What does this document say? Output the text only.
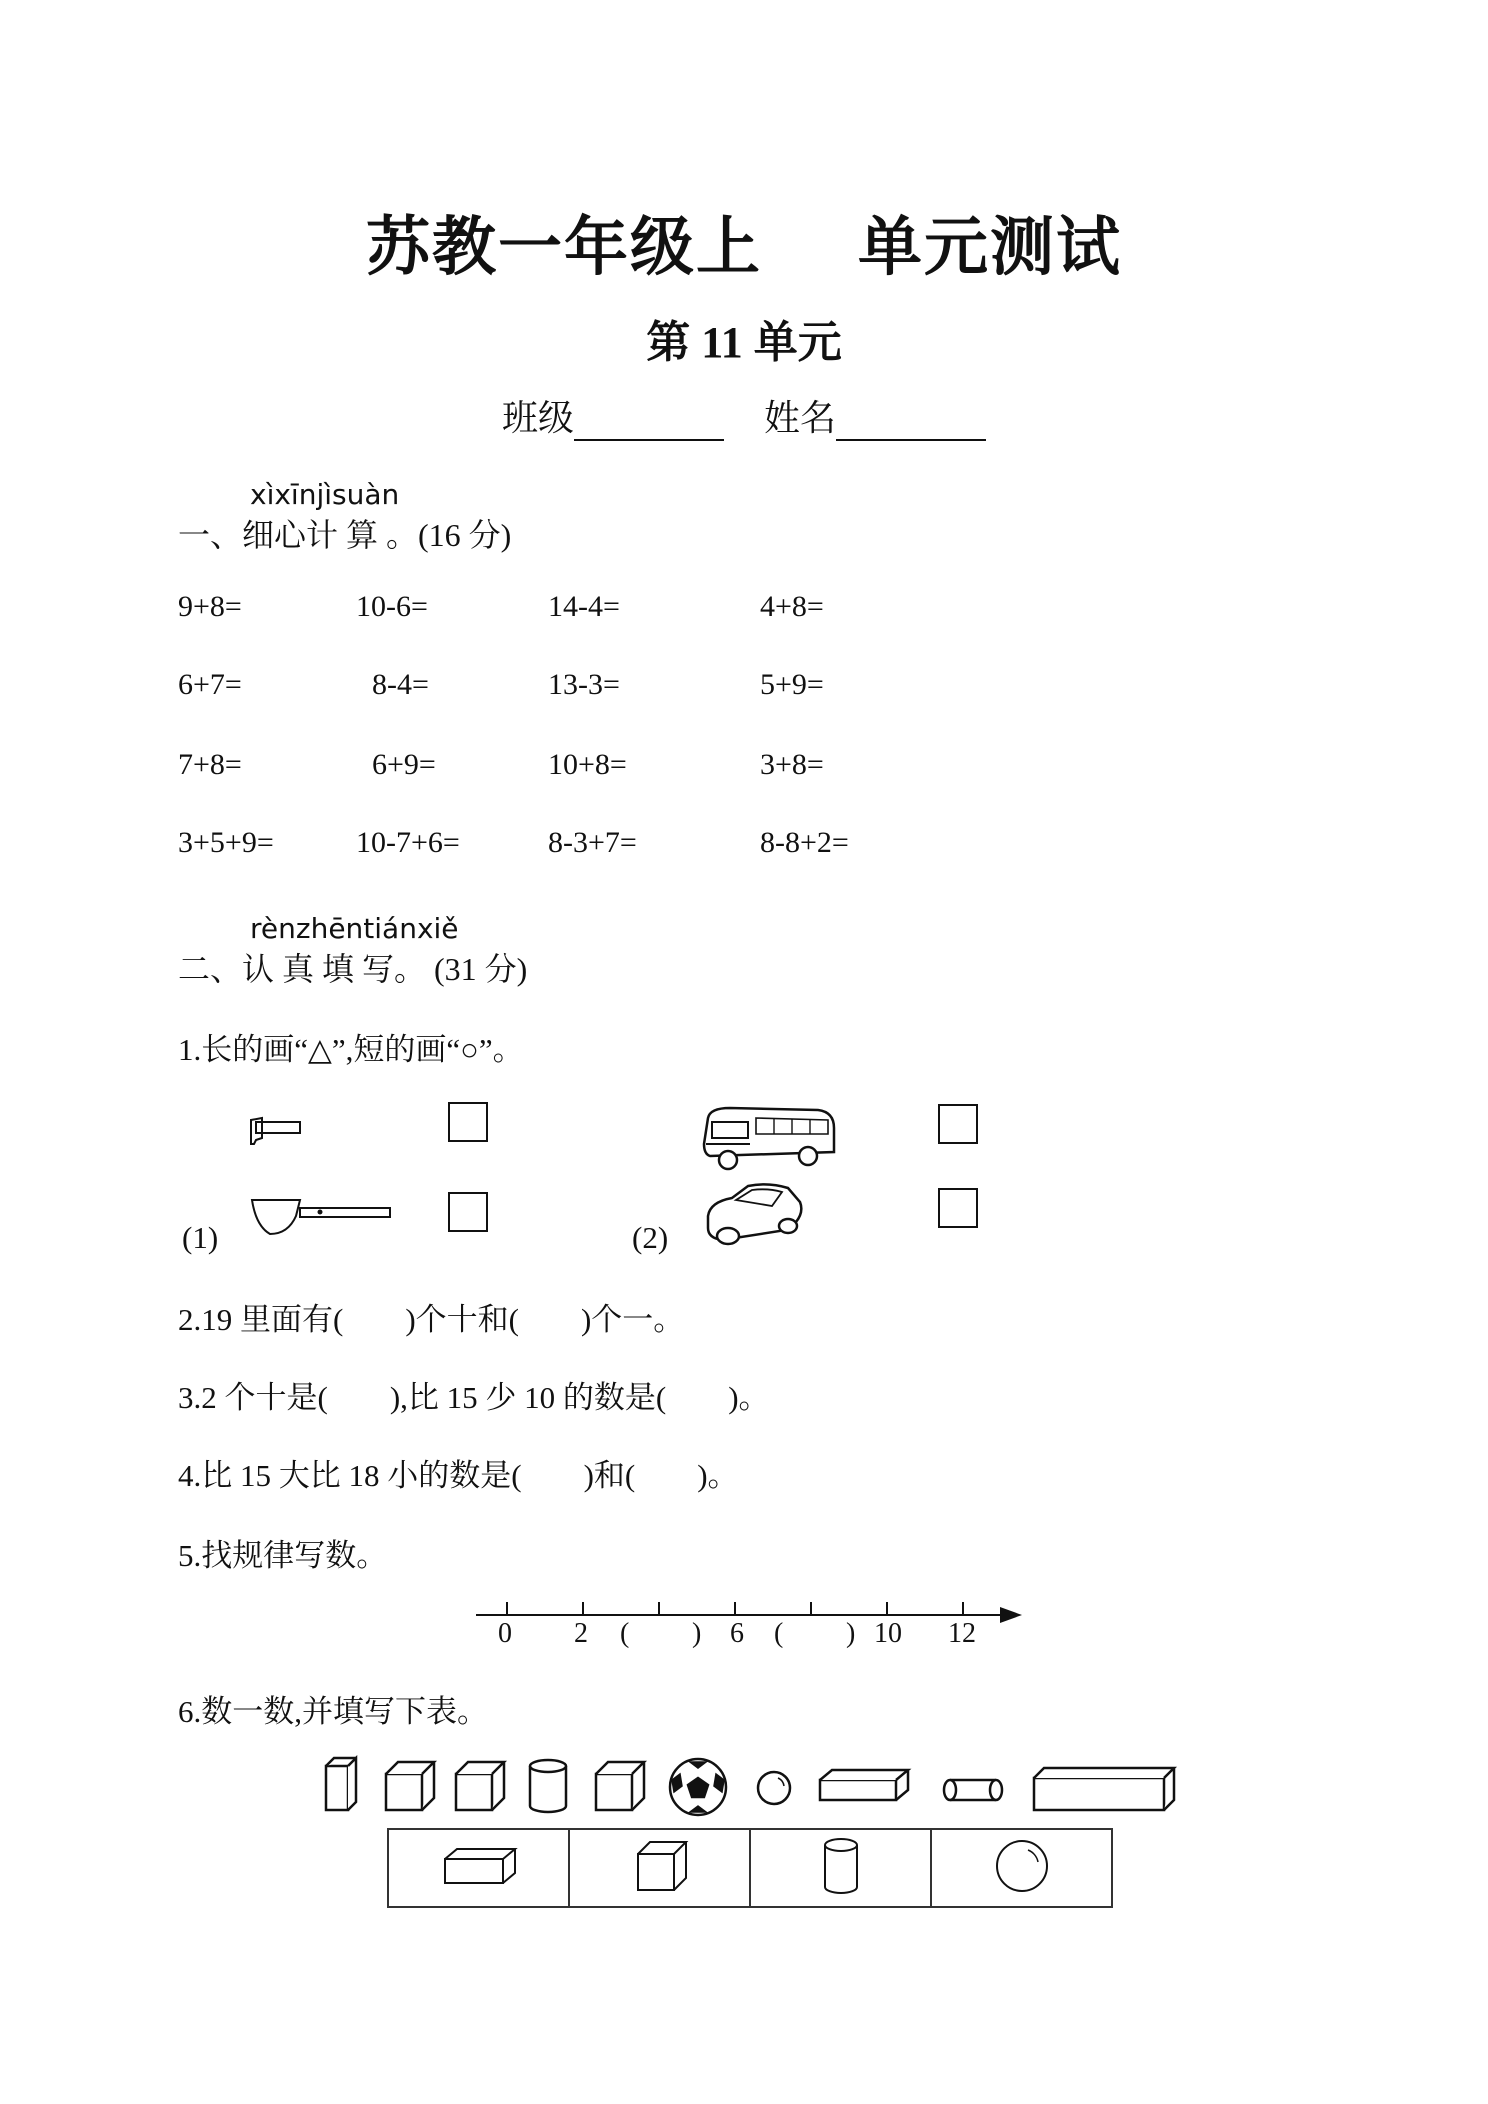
苏教一年级上 单元测试
第 11 单元
班级	姓名
xìxīnjìsuàn
一、细心计 算 。(16 分)
9+8=	10-6=	14-4=	4+8=
6+7=	8-4=	13-3=	5+9=
7+8=	6+9=	10+8=	3+8=
3+5+9=	10-7+6=	8-3+7=	8-8+2=
rènzhēntiánxiě
二、认 真 填 写。 (31 分)
1.长的画“△”,短的画“○”。
(1)	(2)
2.19 里面有(　　)个十和(　　)个一。
3.2 个十是(　　),比 15 少 10 的数是(　　)。
4.比 15 大比 18 小的数是(　　)和(　　)。
5.找规律写数。
0 2 ( ) 6 ( ) 10 12
6.数一数,并填写下表。
